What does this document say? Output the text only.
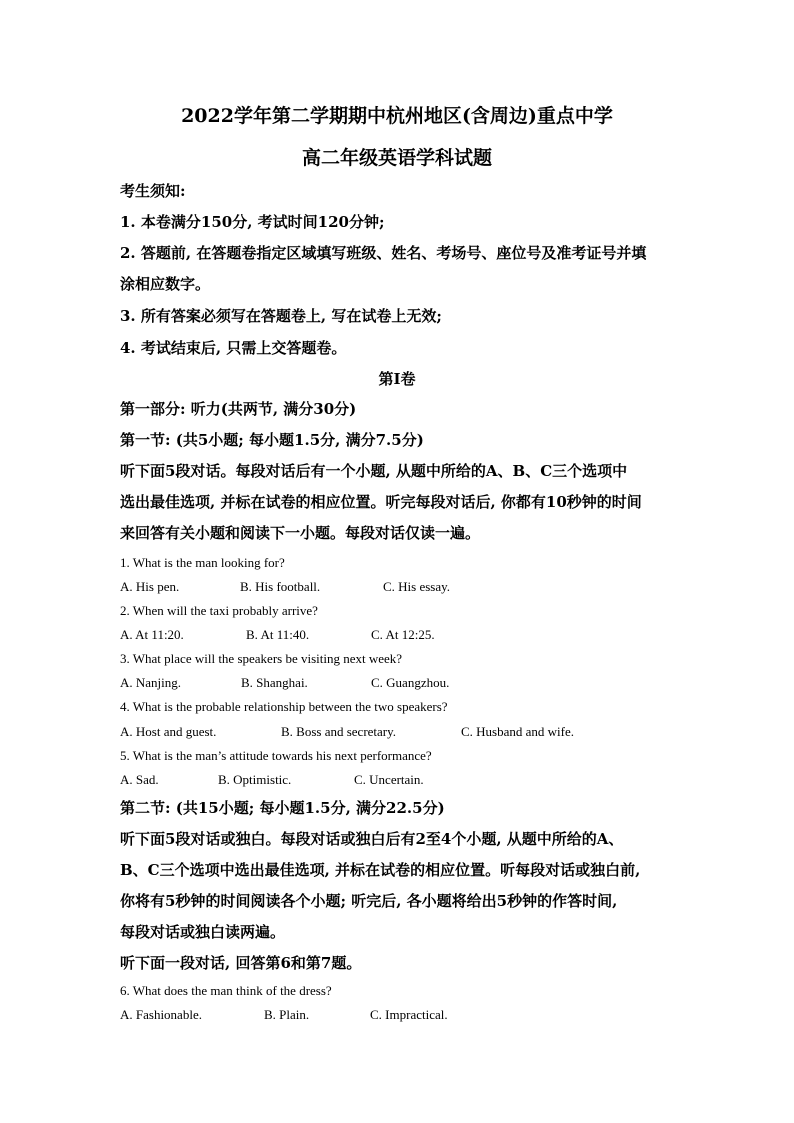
2022学年第二学期期中杭州地区(含周边)重点中学
高二年级英语学科试题
考生须知:
1. 本卷满分150分, 考试时间120分钟;
2. 答题前, 在答题卷指定区域填写班级、姓名、考场号、座位号及准考证号并填
涂相应数字。
3. 所有答案必须写在答题卷上, 写在试卷上无效;
4. 考试结束后, 只需上交答题卷。
第Ⅰ卷
第一部分: 听力(共两节, 满分30分)
第一节: (共5小题; 每小题1.5分, 满分7.5分)
听下面5段对话。每段对话后有一个小题, 从题中所给的A、B、C三个选项中
选出最佳选项, 并标在试卷的相应位置。听完每段对话后, 你都有10秒钟的时间
来回答有关小题和阅读下一小题。每段对话仅读一遍。
1. What is the man looking for?
A. His pen.	B. His football.	C. His essay.
2. When will the taxi probably arrive?
A. At 11:20.	B. At 11:40.	C. At 12:25.
3. What place will the speakers be visiting next week?
A. Nanjing.	B. Shanghai.	C. Guangzhou.
4. What is the probable relationship between the two speakers?
A. Host and guest.	B. Boss and secretary.	C. Husband and wife.
5. What is the man’s attitude towards his next performance?
A. Sad.	B. Optimistic.	C. Uncertain.
第二节: (共15小题; 每小题1.5分, 满分22.5分)
听下面5段对话或独白。每段对话或独白后有2至4个小题, 从题中所给的A、
B、C三个选项中选出最佳选项, 并标在试卷的相应位置。听每段对话或独白前,
你将有5秒钟的时间阅读各个小题; 听完后, 各小题将给出5秒钟的作答时间,
每段对话或独白读两遍。
听下面一段对话, 回答第6和第7题。
6. What does the man think of the dress?
A. Fashionable.	B. Plain.	C. Impractical.
